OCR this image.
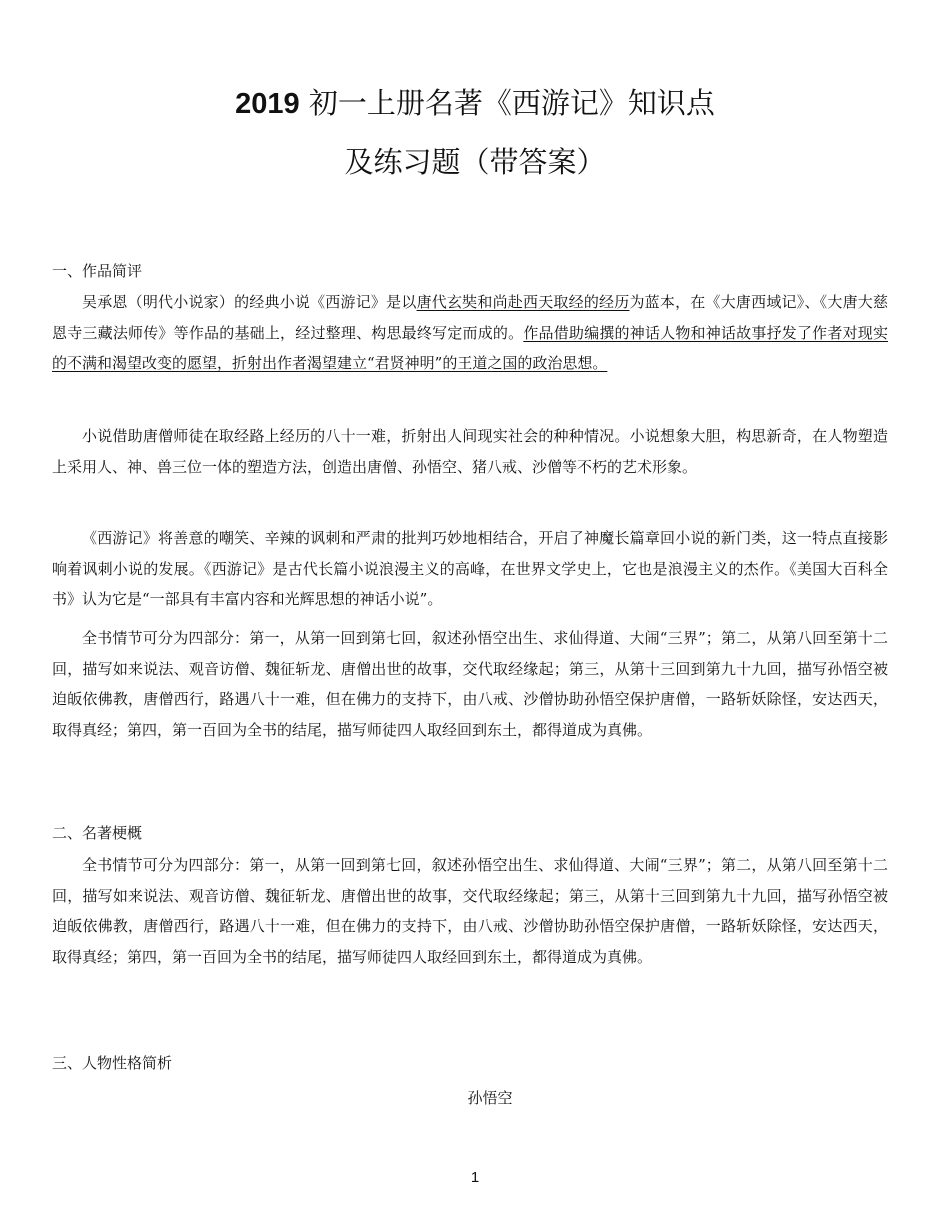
2019 初一上册名著《西游记》知识点
及练习题（带答案）
一、作品简评

吴承恩（明代小说家）的经典小说《西游记》是以唐代玄奘和尚赴西天取经的经历为蓝本，在《大唐西域记》、《大唐大慈恩寺三藏法师传》等作品的基础上，经过整理、构思最终写定而成的。作品借助编撰的神话人物和神话故事抒发了作者对现实的不满和渴望改变的愿望，折射出作者渴望建立“君贤神明”的王道之国的政治思想。

小说借助唐僧师徒在取经路上经历的八十一难，折射出人间现实社会的种种情况。小说想象大胆，构思新奇，在人物塑造上采用人、神、兽三位一体的塑造方法，创造出唐僧、孙悟空、猪八戒、沙僧等不朽的艺术形象。

《西游记》将善意的嘲笑、辛辣的讽刺和严肃的批判巧妙地相结合，开启了神魔长篇章回小说的新门类，这一特点直接影响着讽刺小说的发展。《西游记》是古代长篇小说浪漫主义的高峰，在世界文学史上，它也是浪漫主义的杰作。《美国大百科全书》认为它是“一部具有丰富内容和光辉思想的神话小说”。

全书情节可分为四部分：第一，从第一回到第七回，叙述孙悟空出生、求仙得道、大闹“三界”；第二，从第八回至第十二回，描写如来说法、观音访僧、魏征斩龙、唐僧出世的故事，交代取经缘起；第三，从第十三回到第九十九回，描写孙悟空被迫皈依佛教，唐僧西行，路遇八十一难，但在佛力的支持下，由八戒、沙僧协助孙悟空保护唐僧，一路斩妖除怪，安达西天，取得真经；第四，第一百回为全书的结尾，描写师徒四人取经回到东土，都得道成为真佛。

二、名著梗概

全书情节可分为四部分：第一，从第一回到第七回，叙述孙悟空出生、求仙得道、大闹“三界”；第二，从第八回至第十二回，描写如来说法、观音访僧、魏征斩龙、唐僧出世的故事，交代取经缘起；第三，从第十三回到第九十九回，描写孙悟空被迫皈依佛教，唐僧西行，路遇八十一难，但在佛力的支持下，由八戒、沙僧协助孙悟空保护唐僧，一路斩妖除怪，安达西天，取得真经；第四，第一百回为全书的结尾，描写师徒四人取经回到东土，都得道成为真佛。

三、人物性格简析
孙悟空
1
